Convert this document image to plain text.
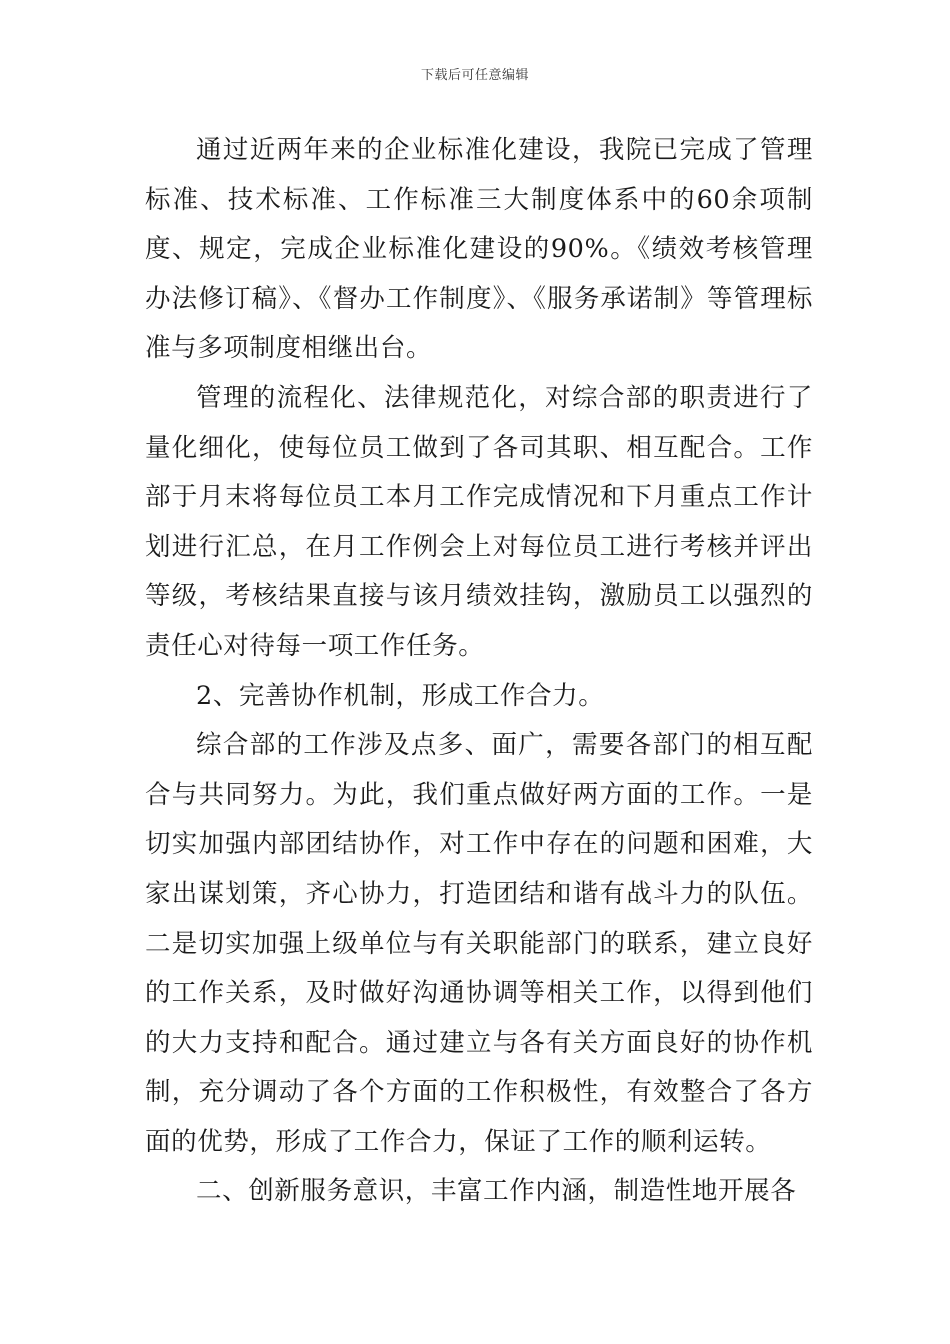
下载后可任意编辑

通过近两年来的企业标准化建设，我院已完成了管理标准、技术标准、工作标准三大制度体系中的60余项制度、规定，完成企业标准化建设的90%。《绩效考核管理办法修订稿》、《督办工作制度》、《服务承诺制》等管理标准与多项制度相继出台。

管理的流程化、法律规范化，对综合部的职责进行了量化细化，使每位员工做到了各司其职、相互配合。工作部于月末将每位员工本月工作完成情况和下月重点工作计划进行汇总，在月工作例会上对每位员工进行考核并评出等级，考核结果直接与该月绩效挂钩，激励员工以强烈的责任心对待每一项工作任务。

2、完善协作机制，形成工作合力。

综合部的工作涉及点多、面广，需要各部门的相互配合与共同努力。为此，我们重点做好两方面的工作。一是切实加强内部团结协作，对工作中存在的问题和困难，大家出谋划策，齐心协力，打造团结和谐有战斗力的队伍。二是切实加强上级单位与有关职能部门的联系，建立良好的工作关系，及时做好沟通协调等相关工作，以得到他们的大力支持和配合。通过建立与各有关方面良好的协作机制，充分调动了各个方面的工作积极性，有效整合了各方面的优势，形成了工作合力，保证了工作的顺利运转。

二、创新服务意识，丰富工作内涵，制造性地开展各
